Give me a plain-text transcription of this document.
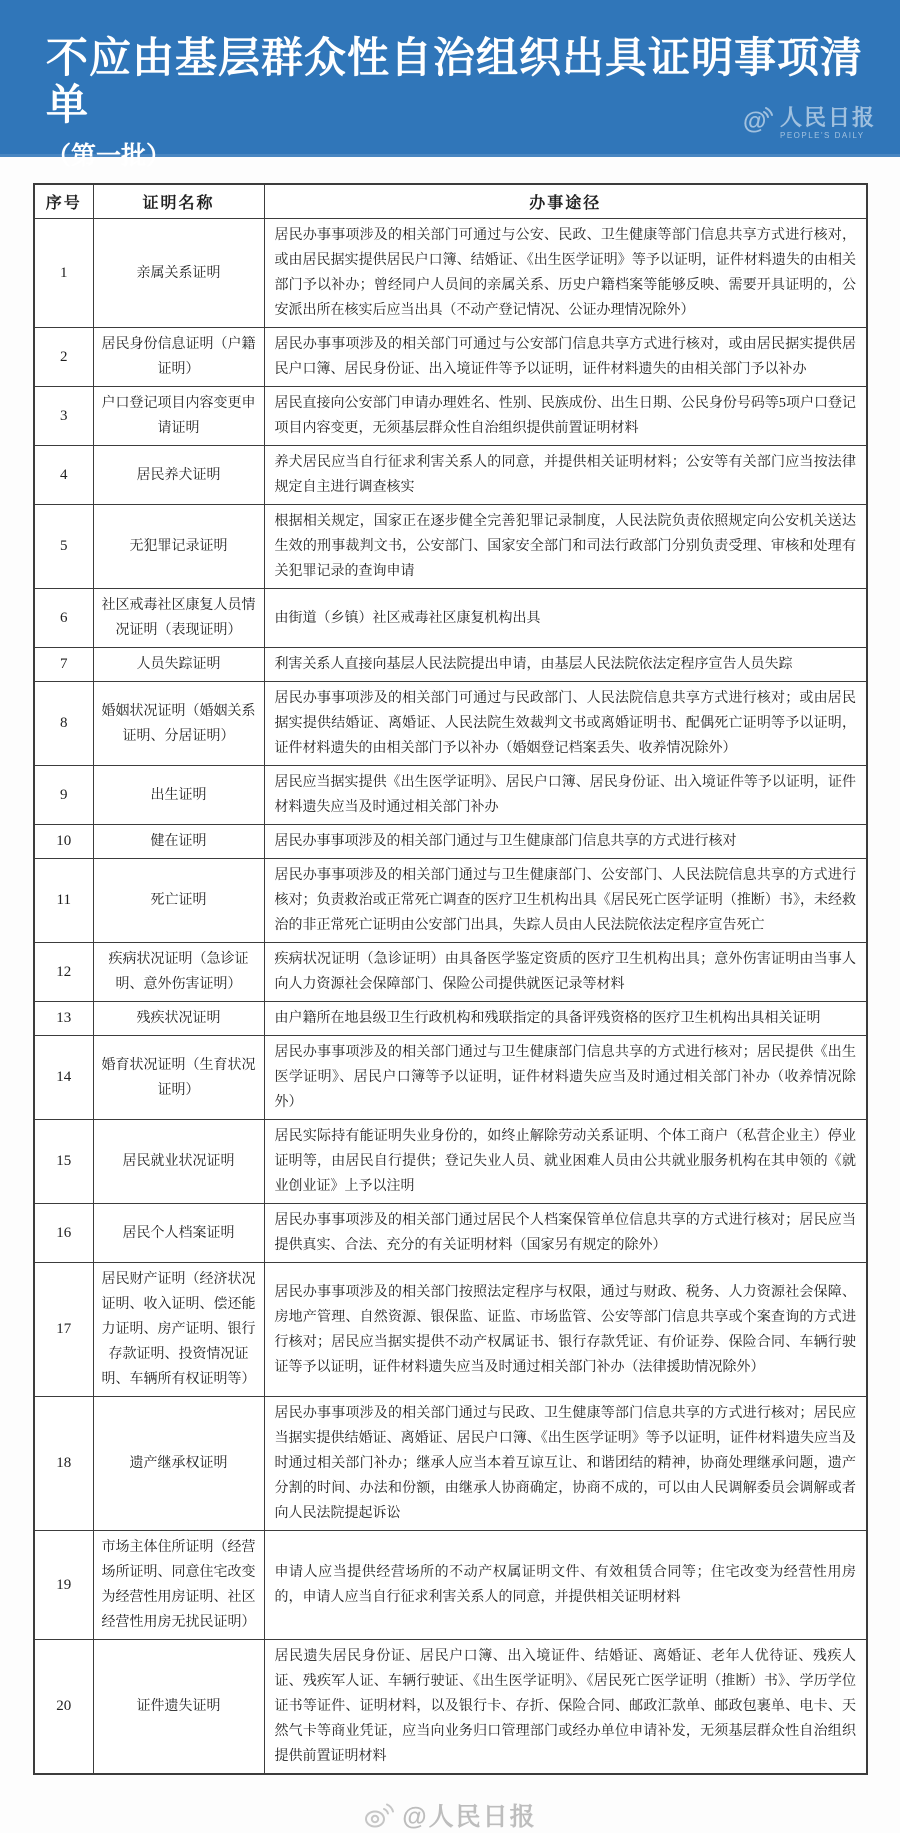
不应由基层群众性自治组织出具证明事项清单
（第一批）
@ 人民日报
PEOPLE'S DAILY
序号	证明名称	办事途径
1	亲属关系证明	居民办事事项涉及的相关部门可通过与公安、民政、卫生健康等部门信息共享方式进行核对，或由居民据实提供居民户口簿、结婚证、《出生医学证明》等予以证明，证件材料遗失的由相关部门予以补办；曾经同户人员间的亲属关系、历史户籍档案等能够反映、需要开具证明的，公安派出所在核实后应当出具（不动产登记情况、公证办理情况除外）
2	居民身份信息证明（户籍证明）	居民办事事项涉及的相关部门可通过与公安部门信息共享方式进行核对，或由居民据实提供居民户口簿、居民身份证、出入境证件等予以证明，证件材料遗失的由相关部门予以补办
3	户口登记项目内容变更申请证明	居民直接向公安部门申请办理姓名、性别、民族成份、出生日期、公民身份号码等5项户口登记项目内容变更，无须基层群众性自治组织提供前置证明材料
4	居民养犬证明	养犬居民应当自行征求利害关系人的同意，并提供相关证明材料；公安等有关部门应当按法律规定自主进行调查核实
5	无犯罪记录证明	根据相关规定，国家正在逐步健全完善犯罪记录制度，人民法院负责依照规定向公安机关送达生效的刑事裁判文书，公安部门、国家安全部门和司法行政部门分别负责受理、审核和处理有关犯罪记录的查询申请
6	社区戒毒社区康复人员情况证明（表现证明）	由街道（乡镇）社区戒毒社区康复机构出具
7	人员失踪证明	利害关系人直接向基层人民法院提出申请，由基层人民法院依法定程序宣告人员失踪
8	婚姻状况证明（婚姻关系证明、分居证明）	居民办事事项涉及的相关部门可通过与民政部门、人民法院信息共享方式进行核对；或由居民据实提供结婚证、离婚证、人民法院生效裁判文书或离婚证明书、配偶死亡证明等予以证明，证件材料遗失的由相关部门予以补办（婚姻登记档案丢失、收养情况除外）
9	出生证明	居民应当据实提供《出生医学证明》、居民户口簿、居民身份证、出入境证件等予以证明，证件材料遗失应当及时通过相关部门补办
10	健在证明	居民办事事项涉及的相关部门通过与卫生健康部门信息共享的方式进行核对
11	死亡证明	居民办事事项涉及的相关部门通过与卫生健康部门、公安部门、人民法院信息共享的方式进行核对；负责救治或正常死亡调查的医疗卫生机构出具《居民死亡医学证明（推断）书》，未经救治的非正常死亡证明由公安部门出具，失踪人员由人民法院依法定程序宣告死亡
12	疾病状况证明（急诊证明、意外伤害证明）	疾病状况证明（急诊证明）由具备医学鉴定资质的医疗卫生机构出具；意外伤害证明由当事人向人力资源社会保障部门、保险公司提供就医记录等材料
13	残疾状况证明	由户籍所在地县级卫生行政机构和残联指定的具备评残资格的医疗卫生机构出具相关证明
14	婚育状况证明（生育状况证明）	居民办事事项涉及的相关部门通过与卫生健康部门信息共享的方式进行核对；居民提供《出生医学证明》、居民户口簿等予以证明，证件材料遗失应当及时通过相关部门补办（收养情况除外）
15	居民就业状况证明	居民实际持有能证明失业身份的，如终止解除劳动关系证明、个体工商户（私营企业主）停业证明等，由居民自行提供；登记失业人员、就业困难人员由公共就业服务机构在其申领的《就业创业证》上予以注明
16	居民个人档案证明	居民办事事项涉及的相关部门通过居民个人档案保管单位信息共享的方式进行核对；居民应当提供真实、合法、充分的有关证明材料（国家另有规定的除外）
17	居民财产证明（经济状况证明、收入证明、偿还能力证明、房产证明、银行存款证明、投资情况证明、车辆所有权证明等）	居民办事事项涉及的相关部门按照法定程序与权限，通过与财政、税务、人力资源社会保障、房地产管理、自然资源、银保监、证监、市场监管、公安等部门信息共享或个案查询的方式进行核对；居民应当据实提供不动产权属证书、银行存款凭证、有价证券、保险合同、车辆行驶证等予以证明，证件材料遗失应当及时通过相关部门补办（法律援助情况除外）
18	遗产继承权证明	居民办事事项涉及的相关部门通过与民政、卫生健康等部门信息共享的方式进行核对；居民应当据实提供结婚证、离婚证、居民户口簿、《出生医学证明》等予以证明，证件材料遗失应当及时通过相关部门补办；继承人应当本着互谅互让、和谐团结的精神，协商处理继承问题，遗产分割的时间、办法和份额，由继承人协商确定，协商不成的，可以由人民调解委员会调解或者向人民法院提起诉讼
19	市场主体住所证明（经营场所证明、同意住宅改变为经营性用房证明、社区经营性用房无扰民证明）	申请人应当提供经营场所的不动产权属证明文件、有效租赁合同等；住宅改变为经营性用房的，申请人应当自行征求利害关系人的同意，并提供相关证明材料
20	证件遗失证明	居民遗失居民身份证、居民户口簿、出入境证件、结婚证、离婚证、老年人优待证、残疾人证、残疾军人证、车辆行驶证、《出生医学证明》、《居民死亡医学证明（推断）书》、学历学位证书等证件、证明材料，以及银行卡、存折、保险合同、邮政汇款单、邮政包裹单、电卡、天然气卡等商业凭证，应当向业务归口管理部门或经办单位申请补发，无须基层群众性自治组织提供前置证明材料
@人民日报
